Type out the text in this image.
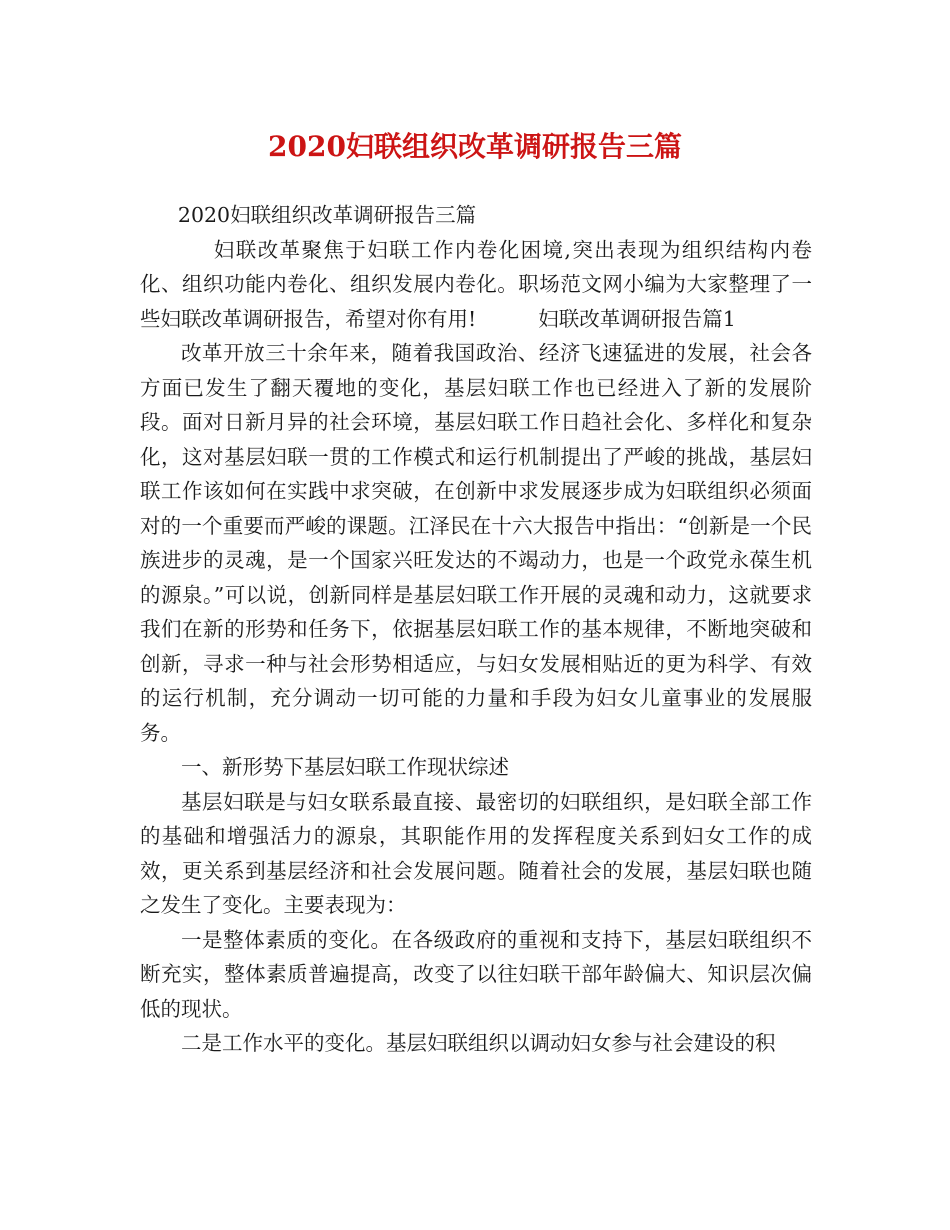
2020妇联组织改革调研报告三篇

2020妇联组织改革调研报告三篇

妇联改革聚焦于妇联工作内卷化困境,突出表现为组织结构内卷化、组织功能内卷化、组织发展内卷化。职场范文网小编为大家整理了一些妇联改革调研报告，希望对你有用!	妇联改革调研报告篇1

改革开放三十余年来，随着我国政治、经济飞速猛进的发展，社会各方面已发生了翻天覆地的变化，基层妇联工作也已经进入了新的发展阶段。面对日新月异的社会环境，基层妇联工作日趋社会化、多样化和复杂化，这对基层妇联一贯的工作模式和运行机制提出了严峻的挑战，基层妇联工作该如何在实践中求突破，在创新中求发展逐步成为妇联组织必须面对的一个重要而严峻的课题。江泽民在十六大报告中指出：“创新是一个民族进步的灵魂，是一个国家兴旺发达的不竭动力，也是一个政党永葆生机的源泉。”可以说，创新同样是基层妇联工作开展的灵魂和动力，这就要求我们在新的形势和任务下，依据基层妇联工作的基本规律，不断地突破和创新，寻求一种与社会形势相适应，与妇女发展相贴近的更为科学、有效的运行机制，充分调动一切可能的力量和手段为妇女儿童事业的发展服务。

一、新形势下基层妇联工作现状综述

基层妇联是与妇女联系最直接、最密切的妇联组织，是妇联全部工作的基础和增强活力的源泉，其职能作用的发挥程度关系到妇女工作的成效，更关系到基层经济和社会发展问题。随着社会的发展，基层妇联也随之发生了变化。主要表现为：

一是整体素质的变化。在各级政府的重视和支持下，基层妇联组织不断充实，整体素质普遍提高，改变了以往妇联干部年龄偏大、知识层次偏低的现状。

二是工作水平的变化。基层妇联组织以调动妇女参与社会建设的积
